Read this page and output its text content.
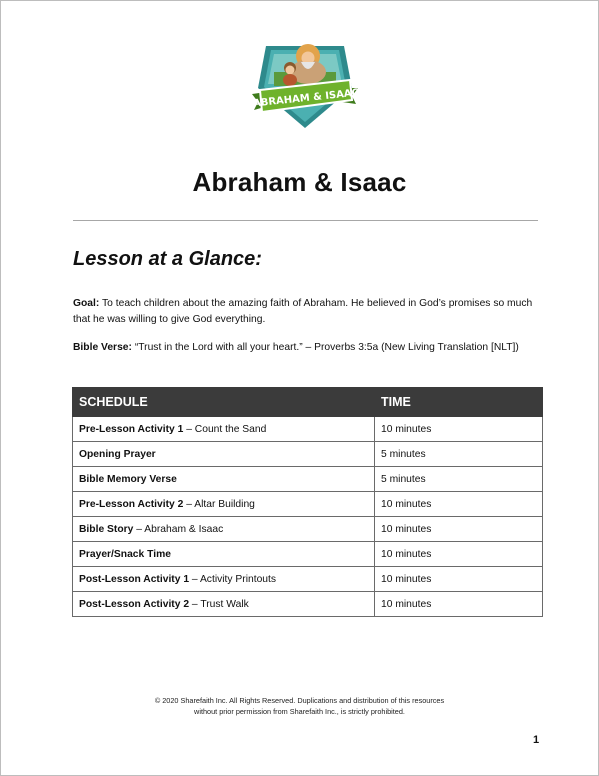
ABRAHAM & ISAAC
Abraham & Isaac
Lesson at a Glance:
Goal: To teach children about the amazing faith of Abraham. He believed in God’s promises so much that he was willing to give God everything.
Bible Verse: “Trust in the Lord with all your heart.” – Proverbs 3:5a (New Living Translation [NLT])
SCHEDULE	TIME
Pre-Lesson Activity 1 – Count the Sand	10 minutes
Opening Prayer	5 minutes
Bible Memory Verse	5 minutes
Pre-Lesson Activity 2 – Altar Building	10 minutes
Bible Story – Abraham & Isaac	10 minutes
Prayer/Snack Time	10 minutes
Post-Lesson Activity 1 – Activity Printouts	10 minutes
Post-Lesson Activity 2 – Trust Walk	10 minutes
© 2020 Sharefaith Inc. All Rights Reserved. Duplications and distribution of this resources
without prior permission from Sharefaith Inc., is strictly prohibited.
1
